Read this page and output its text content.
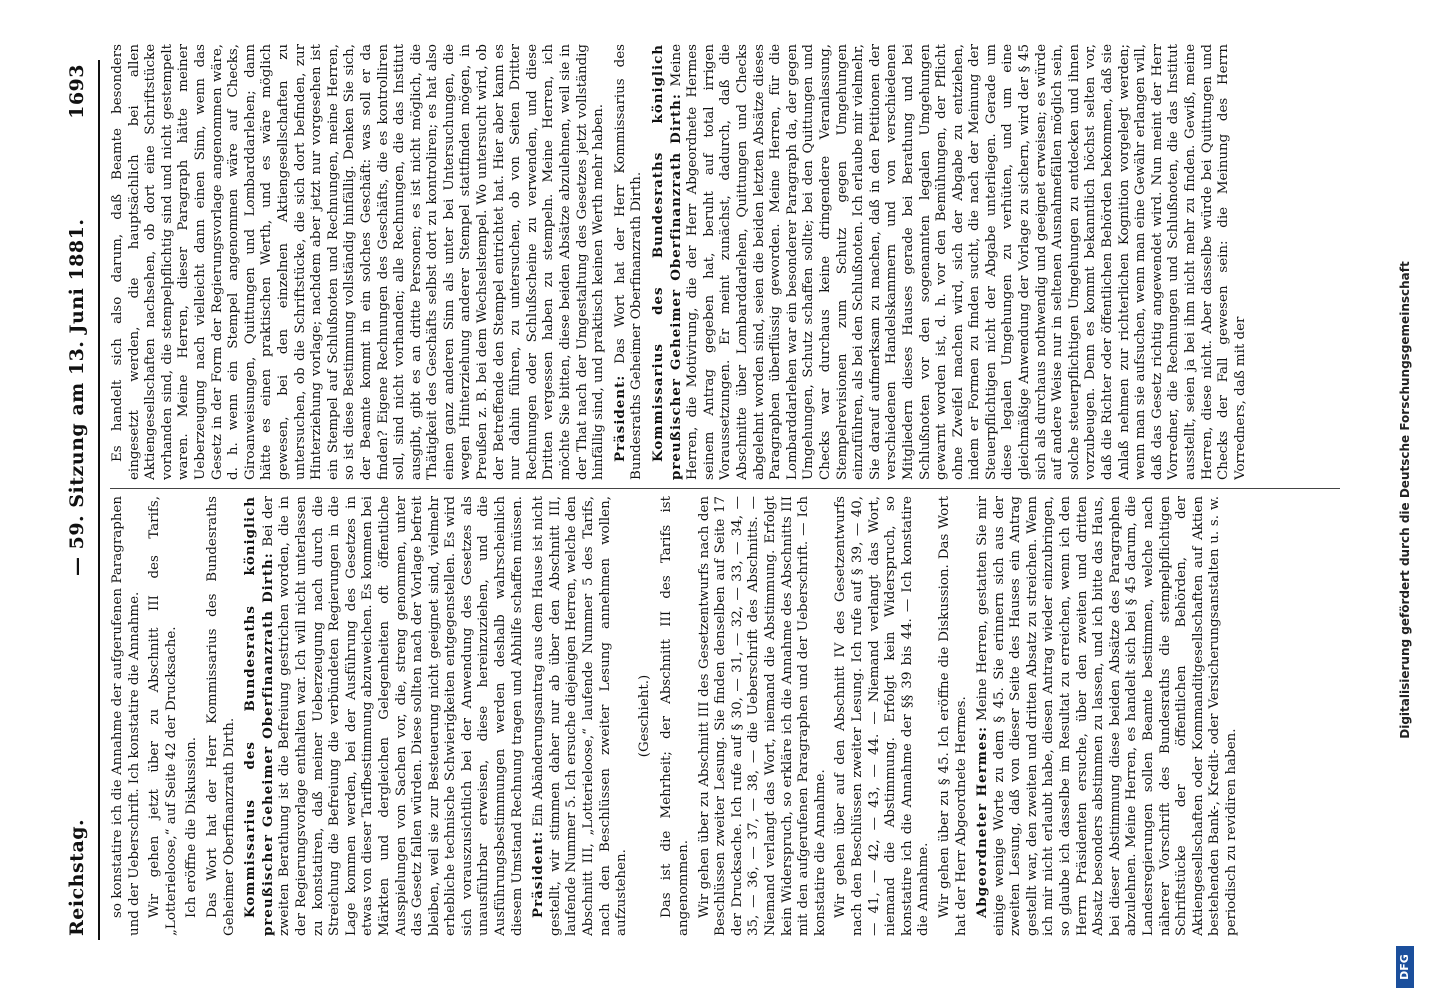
Reichstag.
— 59. Sitzung am 13. Juni 1881.
1693

so konstatire ich die Annahme der aufgerufenen Paragraphen und der Ueberschrift. Ich konstatire die Annahme. Wir gehen jetzt über zu Abschnitt III des Tarifs, „Lotterieloose,“ auf Seite 42 der Drucksache. Ich eröffne die Diskussion. Das Wort hat der Herr Kommissarius des Bundesraths Geheimer Oberfinanzrath Dirth. Kommissarius des Bundesraths königlich preußischer Geheimer Oberfinanzrath Dirth: Bei der zweiten Berathung ist die Befreiung gestrichen worden, die in der Regierungsvorlage enthalten war. Ich will nicht unterlassen zu konstatiren, daß meiner Ueberzeugung nach durch die Streichung die Befreiung die verbündeten Regierungen in die Lage kommen werden, bei der Ausführung des Gesetzes in etwas von dieser Tarifbestimmung abzuweichen. Es kommen bei Märkten und dergleichen Gelegenheiten oft öffentliche Ausspielungen von Sachen vor, die, streng genommen, unter das Gesetz fallen würden. Diese sollten nach der Vorlage befreit bleiben, weil sie zur Besteuerung nicht geeignet sind, vielmehr erhebliche technische Schwierigkeiten entgegenstellen. Es wird sich vorauszusichtlich bei der Anwendung des Gesetzes als unausführbar erweisen, diese hereinzuziehen, und die Ausführungsbestimmungen werden deshalb wahrscheinlich diesem Umstand Rechnung tragen und Abhilfe schaffen müssen. Präsident: Ein Abänderungsantrag aus dem Hause ist nicht gestellt, wir stimmen daher nur ab über den Abschnitt III, laufende Nummer 5. Ich ersuche diejenigen Herren, welche den Abschnitt III, „Lotterieloose,“ laufende Nummer 5 des Tarifs, nach den Beschlüssen zweiter Lesung annehmen wollen, aufzustehen.

(Geschieht.) Das ist die Mehrheit; der Abschnitt III des Tarifs ist angenommen. Wir gehen über zu Abschnitt III des Gesetzentwurfs nach den Beschlüssen zweiter Lesung. Sie finden denselben auf Seite 17 der Drucksache. Ich rufe auf § 30, — 31, — 32, — 33, — 34, — 35, — 36, — 37, — 38, — die Ueberschrift des Abschnitts. — Niemand verlangt das Wort, niemand die Abstimmung. Erfolgt kein Widerspruch, so erkläre ich die Annahme des Abschnitts III mit den aufgerufenen Paragraphen und der Ueberschrift. — Ich konstatire die Annahme. Wir gehen über auf den Abschnitt IV des Gesetzentwurfs nach den Beschlüssen zweiter Lesung. Ich rufe auf § 39, — 40, — 41, — 42, — 43, — 44. — Niemand verlangt das Wort, niemand die Abstimmung. Erfolgt kein Widerspruch, so konstatire ich die Annahme der §§ 39 bis 44. — Ich konstatire die Annahme. Wir gehen über zu § 45. Ich eröffne die Diskussion. Das Wort hat der Herr Abgeordnete Hermes. Abgeordneter Hermes: Meine Herren, gestatten Sie mir einige wenige Worte zu dem § 45. Sie erinnern sich aus der zweiten Lesung, daß von dieser Seite des Hauses ein Antrag gestellt war, den zweiten und dritten Absatz zu streichen. Wenn ich mir nicht erlaubt habe, diesen Antrag wieder einzubringen, so glaube ich dasselbe im Resultat zu erreichen, wenn ich den Herrn Präsidenten ersuche, über den zweiten und dritten Absatz besonders abstimmen zu lassen, und ich bitte das Haus, bei dieser Abstimmung diese beiden Absätze des Paragraphen abzulehnen. Meine Herren, es handelt sich bei § 45 darum, die Landesregierungen sollen Beamte bestimmen, welche nach näherer Vorschrift des Bundesraths die stempelpflichtigen Schriftstücke der öffentlichen Behörden, der Aktiengesellschaften oder Kommanditgesellschaften auf Aktien bestehenden Bank-, Kredit- oder Versicherungsanstalten u. s. w. periodisch zu revidiren haben.

Es handelt sich also darum, daß Beamte besonders eingesetzt werden, die hauptsächlich bei allen Aktiengesellschaften nachsehen, ob dort eine Schriftstücke vorhanden sind, die stempelpflichtig sind und nicht gestempelt waren. Meine Herren, dieser Paragraph hätte meiner Ueberzeugung nach vielleicht dann einen Sinn, wenn das Gesetz in der Form der Regierungsvorlage angenommen wäre, d. h. wenn ein Stempel angenommen wäre auf Checks, Giroanweisungen, Quittungen und Lombarddarlehen; dann hätte es einen praktischen Werth, und es wäre möglich gewesen, bei den einzelnen Aktiengesellschaften zu untersuchen, ob die Schriftstücke, die sich dort befinden, zur Hinterziehung vorlage; nachdem aber jetzt nur vorgesehen ist ein Stempel auf Schlußnoten und Rechnungen, meine Herren, so ist diese Bestimmung vollständig hinfällig. Denken Sie sich, der Beamte kommt in ein solches Geschäft: was soll er da finden? Eigene Rechnungen des Geschäfts, die es kontrolliren soll, sind nicht vorhanden; alle Rechnungen, die das Institut ausgibt, gibt es an dritte Personen; es ist nicht möglich, die Thätigkeit des Geschäfts selbst dort zu kontroliren; es hat also einen ganz anderen Sinn als unter bei Untersuchungen, die wegen Hinterziehung anderer Stempel stattfinden mögen, in Preußen z. B. bei dem Wechselstempel. Wo untersucht wird, ob der Betreffende den Stempel entrichtet hat. Hier aber kann es nur dahin führen, zu untersuchen, ob von Seiten Dritter Rechnungen oder Schlußscheine zu verwenden, und diese Dritten vergessen haben zu stempeln. Meine Herren, ich möchte Sie bitten, diese beiden Absätze abzulehnen, weil sie in der That nach der Umgestaltung des Gesetzes jetzt vollständig hinfällig sind, und praktisch keinen Werth mehr haben. Präsident: Das Wort hat der Herr Kommissarius des Bundesraths Geheimer Oberfinanzrath Dirth. Kommissarius des Bundesraths königlich preußischer Geheimer Oberfinanzrath Dirth: Meine Herren, die Motivirung, die der Herr Abgeordnete Hermes seinem Antrag gegeben hat, beruht auf total irrigen Voraussetzungen. Er meint zunächst, dadurch, daß die Abschnitte über Lombarddarlehen, Quittungen und Checks abgelehnt worden sind, seien die beiden letzten Absätze dieses Paragraphen überflüssig geworden. Meine Herren, für die Lombarddarlehen war ein besonderer Paragraph da, der gegen Umgehungen, Schutz schaffen sollte; bei den Quittungen und Checks war durchaus keine dringendere Veranlassung, Stempelrevisionen zum Schutz gegen Umgehungen einzuführen, als bei den Schlußnoten. Ich erlaube mir vielmehr, Sie darauf aufmerksam zu machen, daß in den Petitionen der verschiedenen Handelskammern und von verschiedenen Mitgliedern dieses Hauses gerade bei Berathung und bei Schlußnoten vor den sogenannten legalen Umgehungen gewarnt worden ist, d. h. vor den Bemühungen, der Pflicht ohne Zweifel machen wird, sich der Abgabe zu entziehen, indem er Formen zu finden sucht, die nach der Meinung der Steuerpflichtigen nicht der Abgabe unterliegen. Gerade um diese legalen Umgehungen zu verhüten, und um eine gleichmäßige Anwendung der Vorlage zu sichern, wird der § 45 sich als durchaus nothwendig und geeignet erweisen; es würde auf andere Weise nur in seltenen Ausnahmefällen möglich sein, solche steuerpflichtigen Umgehungen zu entdecken und ihnen vorzubeugen. Denn es kommt bekanntlich höchst selten vor, daß die Richter oder öffentlichen Behörden bekommen, daß sie Anlaß nehmen zur richterlichen Kognition vorgelegt werden; wenn man sie aufsuchen, wenn man eine Gewähr erlangen will, daß das Gesetz richtig angewendet wird. Nun meint der Herr Vorredner, die Rechnungen und Schlußnoten, die das Institut ausstellt, seien ja bei ihm nicht mehr zu finden. Gewiß, meine Herren, diese nicht. Aber dasselbe würde bei Quittungen und Checks der Fall gewesen sein: die Meinung des Herrn Vorredners, daß mit der

DFG
Digitalisierung gefördert durch die Deutsche Forschungsgemeinschaft
